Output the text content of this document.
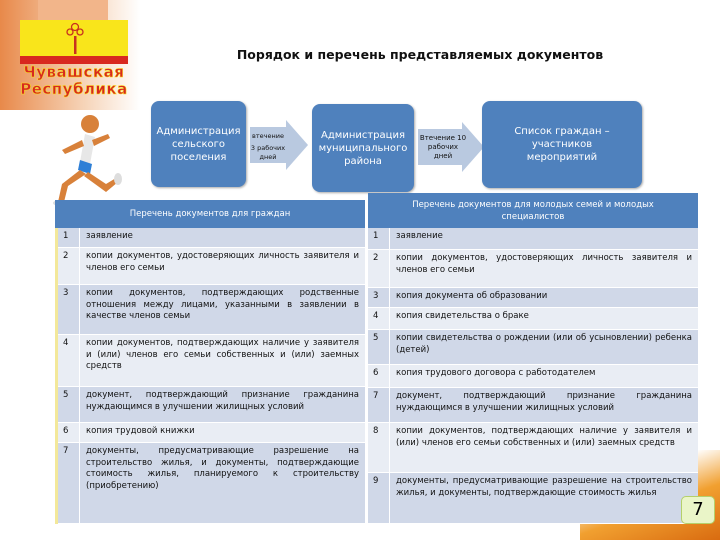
Чувашская
Республика
Порядок и перечень представляемых документов
Администрация сельского поселения
втечение
3 рабочих
дней
Администрация муниципального района
Втечение 10
рабочих
дней
Список граждан – участников мероприятий
Перечень документов для граждан
1	заявление
2	копии документов, удостоверяющих личность заявителя и членов его семьи
3	копии документов, подтверждающих родственные отношения между лицами, указанными в заявлении в качестве членов семьи
4	копии документов, подтверждающих наличие у заявителя и (или) членов его семьи собственных и (или) заемных средств
5	документ, подтверждающий признание гражданина нуждающимся в улучшении жилищных условий
6	копия трудовой книжки
7	документы, предусматривающие разрешение на строительство жилья, и документы, подтверждающие стоимость жилья, планируемого к строительству (приобретению)
Перечень документов для молодых семей и молодых специалистов
1	заявление
2	копии документов, удостоверяющих личность заявителя и членов его семьи
3	копия документа об образовании
4	копия свидетельства о браке
5	копии свидетельства о рождении (или об усыновлении) ребенка (детей)
6	копия трудового договора с работодателем
7	документ, подтверждающий признание гражданина нуждающимся в улучшении жилищных условий
8	копии документов, подтверждающих наличие у заявителя и (или) членов его семьи собственных и (или) заемных средств
9	документы, предусматривающие разрешение на строительство жилья, и документы, подтверждающие стоимость жилья
7
